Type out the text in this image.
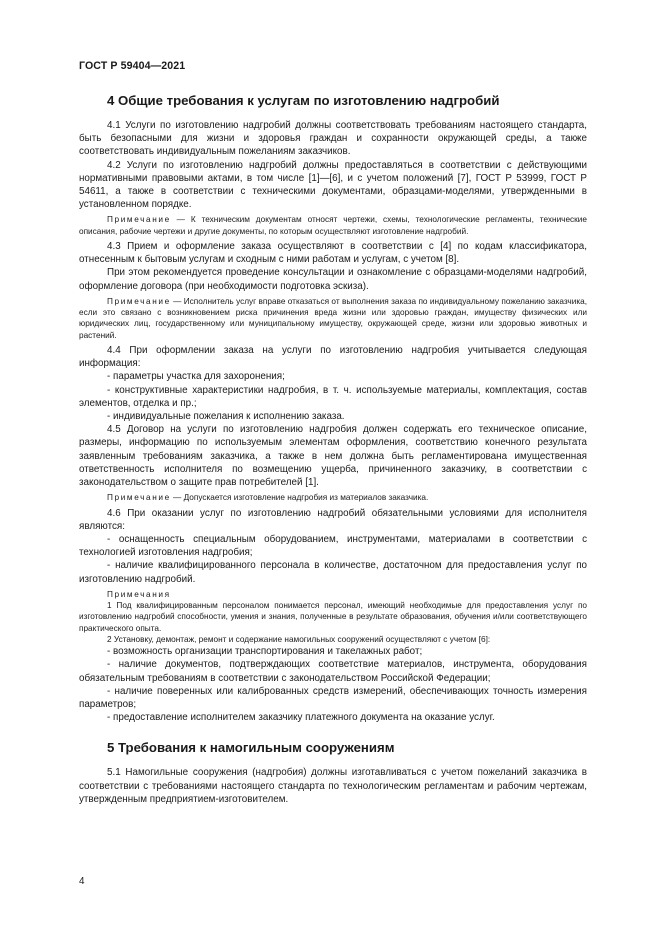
ГОСТ Р 59404—2021
4 Общие требования к услугам по изготовлению надгробий

4.1 Услуги по изготовлению надгробий должны соответствовать требованиям настоящего стандарта, быть безопасными для жизни и здоровья граждан и сохранности окружающей среды, а также соответствовать индивидуальным пожеланиям заказчиков.

4.2 Услуги по изготовлению надгробий должны предоставляться в соответствии с действующими нормативными правовыми актами, в том числе [1]—[6], и с учетом положений [7], ГОСТ Р 53999, ГОСТ Р 54611, а также в соответствии с техническими документами, образцами-моделями, утвержденными в установленном порядке.

Примечание — К техническим документам относят чертежи, схемы, технологические регламенты, технические описания, рабочие чертежи и другие документы, по которым осуществляют изготовление надгробий.

4.3 Прием и оформление заказа осуществляют в соответствии с [4] по кодам классификатора, отнесенным к бытовым услугам и сходным с ними работам и услугам, с учетом [8].

При этом рекомендуется проведение консультации и ознакомление с образцами-моделями надгробий, оформление договора (при необходимости подготовка эскиза).

Примечание — Исполнитель услуг вправе отказаться от выполнения заказа по индивидуальному пожеланию заказчика, если это связано с возникновением риска причинения вреда жизни или здоровью граждан, имуществу физических или юридических лиц, государственному или муниципальному имуществу, окружающей среде, жизни или здоровью животных и растений.

4.4 При оформлении заказа на услуги по изготовлению надгробия учитывается следующая информация:

- параметры участка для захоронения;

- конструктивные характеристики надгробия, в т. ч. используемые материалы, комплектация, состав элементов, отделка и пр.;

- индивидуальные пожелания к исполнению заказа.

4.5 Договор на услуги по изготовлению надгробия должен содержать его техническое описание, размеры, информацию по используемым элементам оформления, соответствию конечного результата заявленным требованиям заказчика, а также в нем должна быть регламентирована имущественная ответственность исполнителя по возмещению ущерба, причиненного заказчику, в соответствии с законодательством о защите прав потребителей [1].

Примечание — Допускается изготовление надгробия из материалов заказчика.

4.6 При оказании услуг по изготовлению надгробий обязательными условиями для исполнителя являются:

- оснащенность специальным оборудованием, инструментами, материалами в соответствии с технологией изготовления надгробия;

- наличие квалифицированного персонала в количестве, достаточном для предоставления услуг по изготовлению надгробий.

Примечания

1 Под квалифицированным персоналом понимается персонал, имеющий необходимые для предоставления услуг по изготовлению надгробий способности, умения и знания, полученные в результате образования, обучения и/или соответствующего практического опыта.

2 Установку, демонтаж, ремонт и содержание намогильных сооружений осуществляют с учетом [6]:

- возможность организации транспортирования и такелажных работ;

- наличие документов, подтверждающих соответствие материалов, инструмента, оборудования обязательным требованиям в соответствии с законодательством Российской Федерации;

- наличие поверенных или калиброванных средств измерений, обеспечивающих точность измерения параметров;

- предоставление исполнителем заказчику платежного документа на оказание услуг.

5 Требования к намогильным сооружениям

5.1 Намогильные сооружения (надгробия) должны изготавливаться с учетом пожеланий заказчика в соответствии с требованиями настоящего стандарта по технологическим регламентам и рабочим чертежам, утвержденным предприятием-изготовителем.

4
